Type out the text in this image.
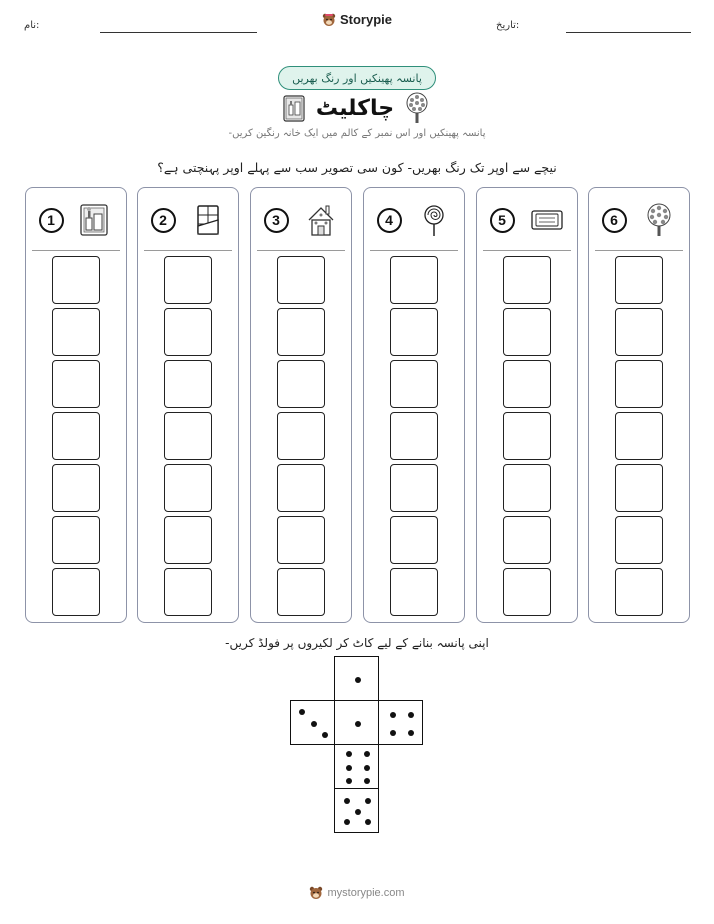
نام:	تاریخ:
Storypie
پانسہ پھینکیں اور رنگ بھریں
چاکلیٹ
پانسہ پھینکیں اور اس نمبر کے کالم میں ایک خانہ رنگین کریں-
نیچے سے اوپر تک رنگ بھریں- کون سی تصویر سب سے پہلے اوپر پہنچتی ہے؟
1	2	3	4	5	6
اپنی پانسہ بنانے کے لیے کاٹ کر لکیروں پر فولڈ کریں-
mystorypie.com
